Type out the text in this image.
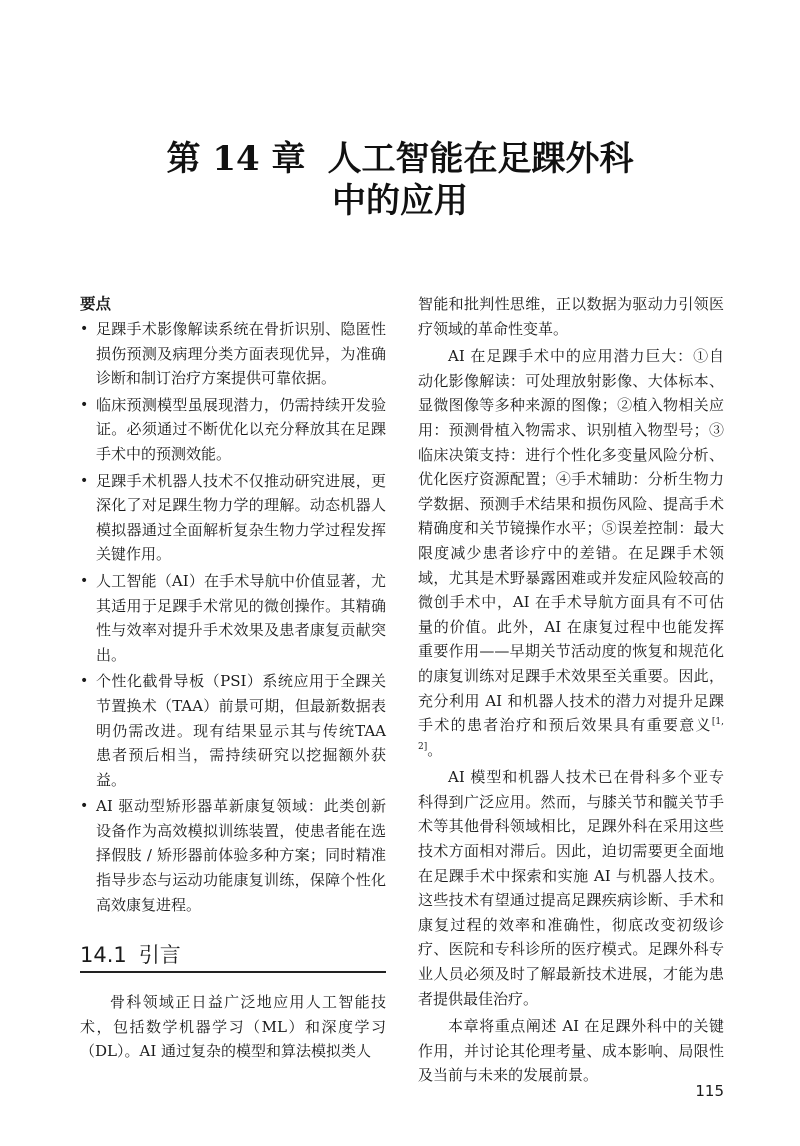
第 14 章 人工智能在足踝外科
中的应用
要点
• 足踝手术影像解读系统在骨折识别、隐匿性损伤预测及病理分类方面表现优异，为准确诊断和制订治疗方案提供可靠依据。
• 临床预测模型虽展现潜力，仍需持续开发验证。必须通过不断优化以充分释放其在足踝手术中的预测效能。
• 足踝手术机器人技术不仅推动研究进展，更深化了对足踝生物力学的理解。动态机器人模拟器通过全面解析复杂生物力学过程发挥关键作用。
• 人工智能（AI）在手术导航中价值显著，尤其适用于足踝手术常见的微创操作。其精确性与效率对提升手术效果及患者康复贡献突出。
• 个性化截骨导板（PSI）系统应用于全踝关节置换术（TAA）前景可期，但最新数据表明仍需改进。现有结果显示其与传统TAA 患者预后相当，需持续研究以挖掘额外获益。
• AI 驱动型矫形器革新康复领域：此类创新设备作为高效模拟训练装置，使患者能在选择假肢 / 矫形器前体验多种方案；同时精准指导步态与运动功能康复训练，保障个性化高效康复进程。
14.1 引言

骨科领域正日益广泛地应用人工智能技术，包括数学机器学习（ML）和深度学习（DL）。AI 通过复杂的模型和算法模拟类人

智能和批判性思维，正以数据为驱动力引领医疗领域的革命性变革。

AI 在足踝手术中的应用潜力巨大：①自动化影像解读：可处理放射影像、大体标本、显微图像等多种来源的图像；②植入物相关应用：预测骨植入物需求、识别植入物型号；③临床决策支持：进行个性化多变量风险分析、优化医疗资源配置；④手术辅助：分析生物力学数据、预测手术结果和损伤风险、提高手术精确度和关节镜操作水平；⑤误差控制：最大限度减少患者诊疗中的差错。在足踝手术领域，尤其是术野暴露困难或并发症风险较高的微创手术中，AI 在手术导航方面具有不可估量的价值。此外，AI 在康复过程中也能发挥重要作用——早期关节活动度的恢复和规范化的康复训练对足踝手术效果至关重要。因此，充分利用 AI 和机器人技术的潜力对提升足踝手术的患者治疗和预后效果具有重要意义[1, 2]。

AI 模型和机器人技术已在骨科多个亚专科得到广泛应用。然而，与膝关节和髋关节手术等其他骨科领域相比，足踝外科在采用这些技术方面相对滞后。因此，迫切需要更全面地在足踝手术中探索和实施 AI 与机器人技术。这些技术有望通过提高足踝疾病诊断、手术和康复过程的效率和准确性，彻底改变初级诊疗、医院和专科诊所的医疗模式。足踝外科专业人员必须及时了解最新技术进展，才能为患者提供最佳治疗。

本章将重点阐述 AI 在足踝外科中的关键作用，并讨论其伦理考量、成本影响、局限性及当前与未来的发展前景。

115
